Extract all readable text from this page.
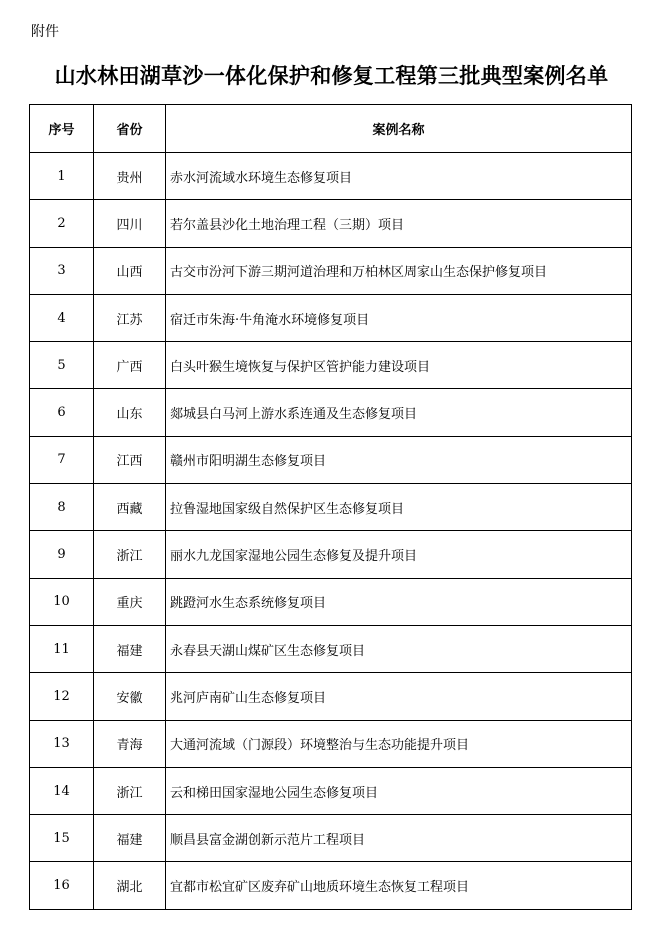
附件
山水林田湖草沙一体化保护和修复工程第三批典型案例名单
序号	省份	案例名称
1	贵州	赤水河流域水环境生态修复项目
2	四川	若尔盖县沙化土地治理工程（三期）项目
3	山西	古交市汾河下游三期河道治理和万柏林区周家山生态保护修复项目
4	江苏	宿迁市朱海·牛角淹水环境修复项目
5	广西	白头叶猴生境恢复与保护区管护能力建设项目
6	山东	郯城县白马河上游水系连通及生态修复项目
7	江西	赣州市阳明湖生态修复项目
8	西藏	拉鲁湿地国家级自然保护区生态修复项目
9	浙江	丽水九龙国家湿地公园生态修复及提升项目
10	重庆	跳蹬河水生态系统修复项目
11	福建	永春县天湖山煤矿区生态修复项目
12	安徽	兆河庐南矿山生态修复项目
13	青海	大通河流域（门源段）环境整治与生态功能提升项目
14	浙江	云和梯田国家湿地公园生态修复项目
15	福建	顺昌县富金湖创新示范片工程项目
16	湖北	宜都市松宜矿区废弃矿山地质环境生态恢复工程项目
